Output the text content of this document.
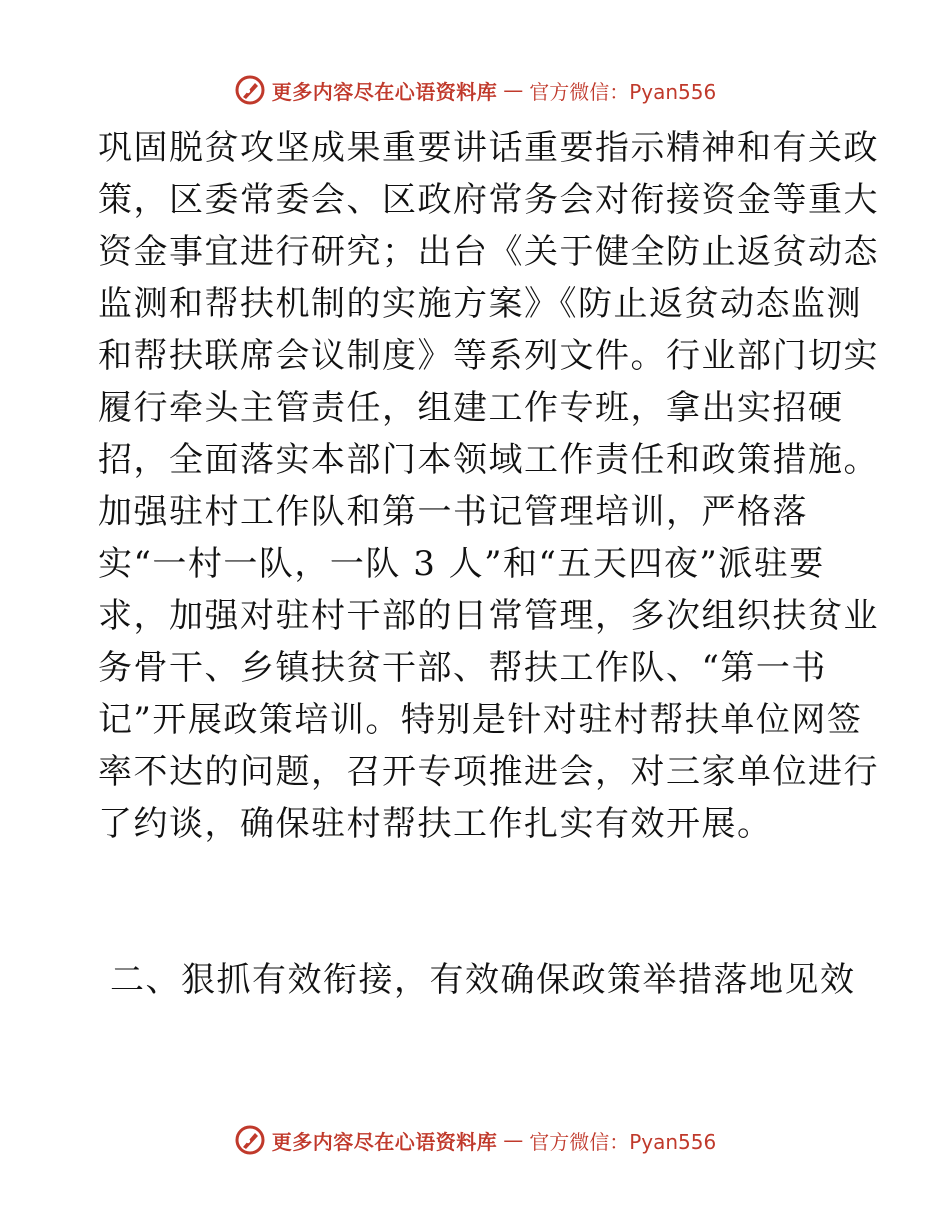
更多内容尽在心语资料库 — 官方微信：Pyan556
巩固脱贫攻坚成果重要讲话重要指示精神和有关政
策，区委常委会、区政府常务会对衔接资金等重大
资金事宜进行研究；出台《关于健全防止返贫动态
监测和帮扶机制的实施方案》《防止返贫动态监测
和帮扶联席会议制度》等系列文件。行业部门切实
履行牵头主管责任，组建工作专班，拿出实招硬
招，全面落实本部门本领域工作责任和政策措施。
加强驻村工作队和第一书记管理培训，严格落
实“一村一队，一队 3 人”和“五天四夜”派驻要
求，加强对驻村干部的日常管理，多次组织扶贫业
务骨干、乡镇扶贫干部、帮扶工作队、“第一书
记”开展政策培训。特别是针对驻村帮扶单位网签
率不达的问题，召开专项推进会，对三家单位进行
了约谈，确保驻村帮扶工作扎实有效开展。
二、狠抓有效衔接，有效确保政策举措落地见效
更多内容尽在心语资料库 — 官方微信：Pyan556
